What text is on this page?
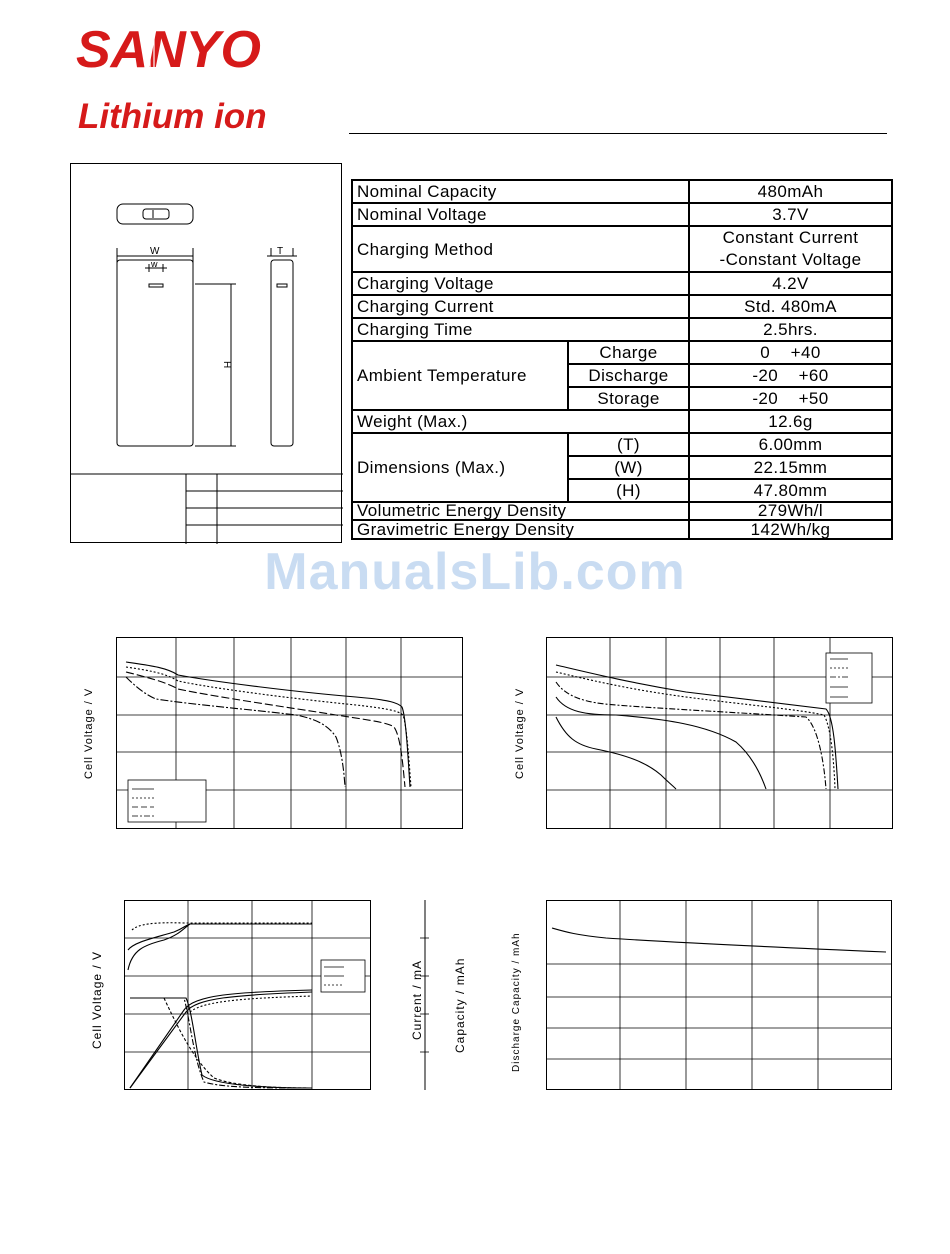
SANYO
Lithium ion
W
w
T
H
Nominal Capacity		480mAh
Nominal Voltage		3.7V
Charging Method		Constant Current
-Constant Voltage

Charging Voltage		4.2V
Charging Current		Std. 480mA
Charging Time		2.5hrs.
Ambient Temperature	Charge	0    +40
	Discharge	-20    +60
	Storage	-20    +50
Weight (Max.)		12.6g
Dimensions (Max.)	(T)	6.00mm
	(W)	22.15mm
	(H)	47.80mm
Volumetric Energy Density		279Wh/l
Gravimetric Energy Density		142Wh/kg
ManualsLib.com
Cell Voltage / V	Cell Voltage / V
Cell Voltage / V	Current / mA Capacity / mAh	Discharge Capacity / mAh
